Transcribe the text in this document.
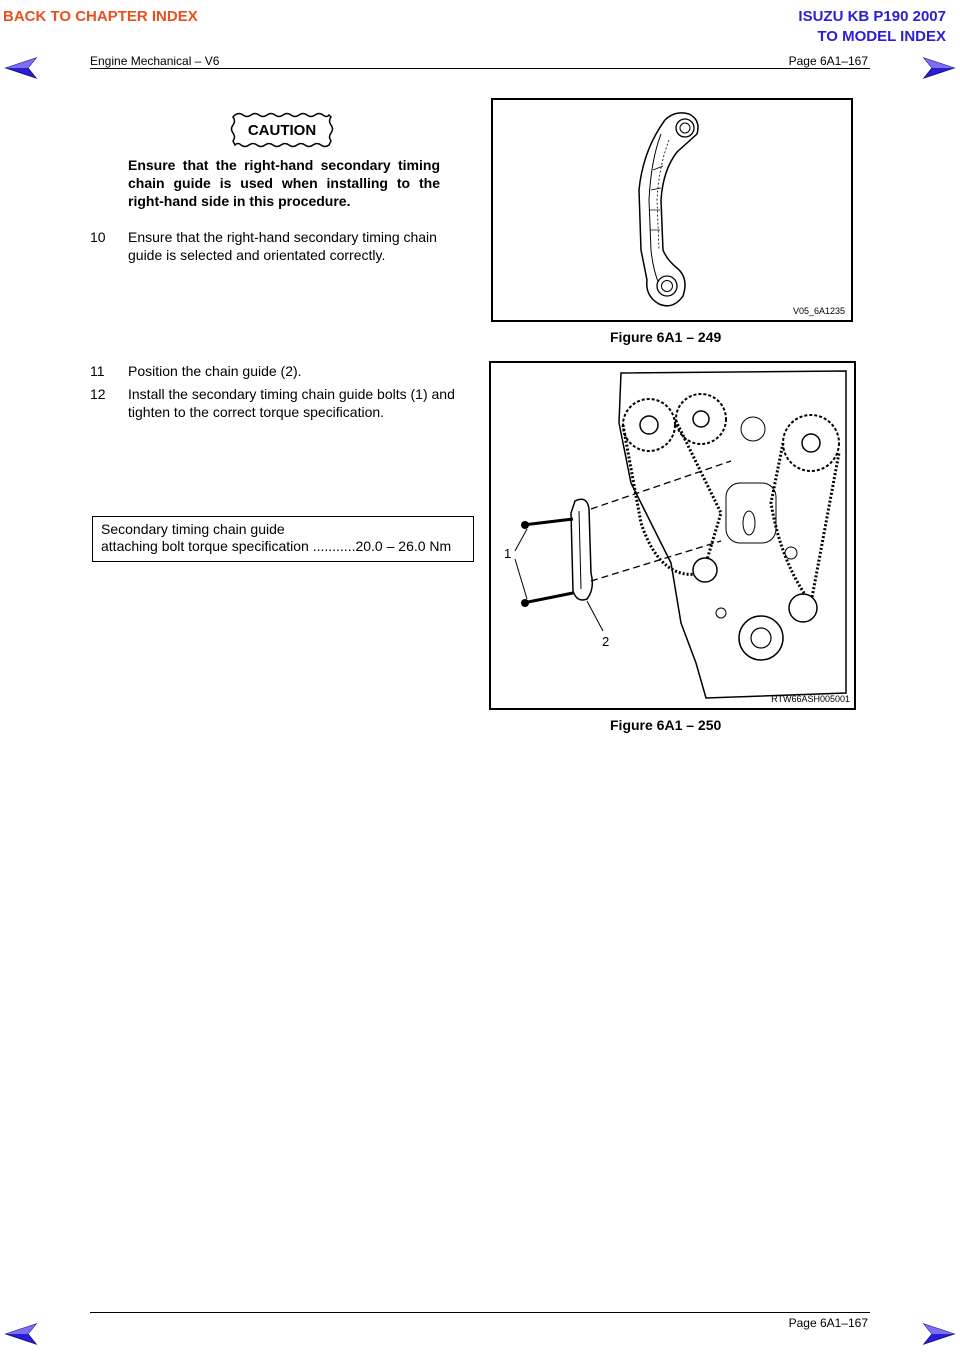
BACK TO CHAPTER INDEX	ISUZU KB P190 2007
TO MODEL INDEX
Engine Mechanical – V6	Page 6A1–167
CAUTION
Ensure that the right-hand secondary timing chain guide is used when installing to the right-hand side in this procedure.
10 Ensure that the right-hand secondary timing chain
guide is selected and orientated correctly.
11 Position the chain guide (2).
12 Install the secondary timing chain guide bolts (1) and
tighten to the correct torque specification.
Secondary timing chain guide
attaching bolt torque specification ...........20.0 – 26.0 Nm
V05_6A1235
Figure 6A1 – 249
1
2
RTW66ASH005001
Figure 6A1 – 250
Page 6A1–167
